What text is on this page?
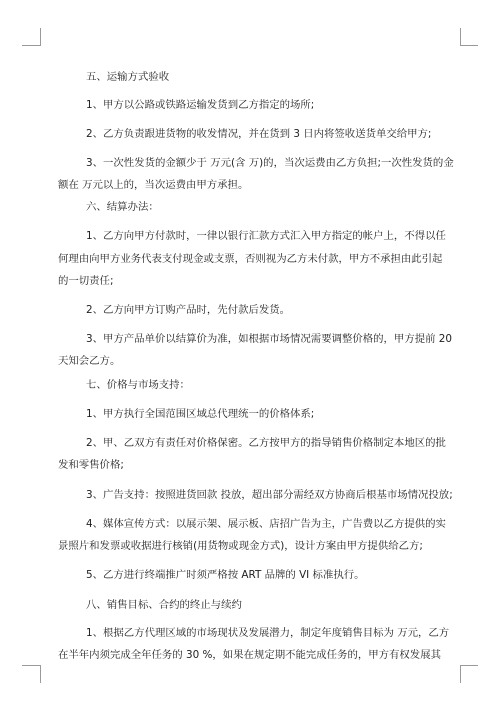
五、运输方式验收
1、甲方以公路或铁路运输发货到乙方指定的场所;
2、乙方负责跟进货物的收发情况，并在货到 3 日内将签收送货单交给甲方;
3、一次性发货的金额少于 万元(含 万)的，当次运费由乙方负担;一次性发货的金
额在 万元以上的，当次运费由甲方承担。
六、结算办法：
1、乙方向甲方付款时，一律以银行汇款方式汇入甲方指定的帐户上，不得以任
何理由向甲方业务代表支付现金或支票，否则视为乙方未付款，甲方不承担由此引起
的一切责任;
2、乙方向甲方订购产品时，先付款后发货。
3、甲方产品单价以结算价为准，如根据市场情况需要调整价格的，甲方提前 20
天知会乙方。
七、价格与市场支持：
1、甲方执行全国范围区域总代理统一的价格体系;
2、甲、乙双方有责任对价格保密。乙方按甲方的指导销售价格制定本地区的批
发和零售价格;
3、广告支持：按照进货回款 投放，超出部分需经双方协商后根基市场情况投放;
4、媒体宣传方式：以展示架、展示板、店招广告为主，广告费以乙方提供的实
景照片和发票或收据进行核销(用货物或现金方式)，设计方案由甲方提供给乙方;
5、乙方进行终端推广时须严格按 ART 品牌的 VI 标准执行。
八、销售目标、合约的终止与续约
1、根据乙方代理区域的市场现状及发展潜力，制定年度销售目标为 万元，乙方
在半年内须完成全年任务的 30 %，如果在规定期不能完成任务的，甲方有权发展其
